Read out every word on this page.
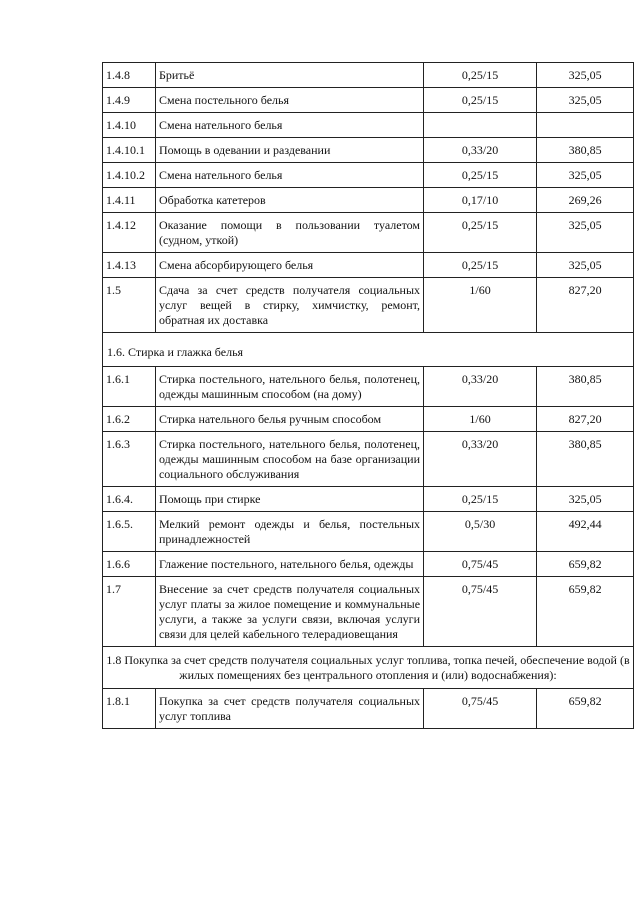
1.4.8	Бритьё	0,25/15	325,05
1.4.9	Смена постельного белья	0,25/15	325,05
1.4.10	Смена нательного белья		
1.4.10.1	Помощь в одевании и раздевании	0,33/20	380,85
1.4.10.2	Смена нательного белья	0,25/15	325,05
1.4.11	Обработка катетеров	0,17/10	269,26
1.4.12	Оказание помощи в пользовании туалетом (судном, уткой)	0,25/15	325,05
1.4.13	Смена абсорбирующего белья	0,25/15	325,05
1.5	Сдача за счет средств получателя социальных услуг вещей в стирку, химчистку, ремонт, обратная их доставка	1/60	827,20
1.6. Стирка и глажка белья			
1.6.1	Стирка постельного, нательного белья, полотенец, одежды машинным способом (на дому)	0,33/20	380,85
1.6.2	Стирка нательного белья ручным способом	1/60	827,20
1.6.3	Стирка постельного, нательного белья, полотенец, одежды машинным способом на базе организации социального обслуживания	0,33/20	380,85
1.6.4.	Помощь при стирке	0,25/15	325,05
1.6.5.	Мелкий ремонт одежды и белья, постельных принадлежностей	0,5/30	492,44
1.6.6	Глажение постельного, нательного белья, одежды	0,75/45	659,82
1.7	Внесение за счет средств получателя социальных услуг платы за жилое помещение и коммунальные услуги, а также за услуги связи, включая услуги связи для целей кабельного телерадиовещания	0,75/45	659,82
1.8 Покупка за счет средств получателя социальных услуг топлива, топка печей, обеспечение водой (в жилых помещениях без центрального отопления и (или) водоснабжения):			
1.8.1	Покупка за счет средств получателя социальных услуг топлива	0,75/45	659,82
